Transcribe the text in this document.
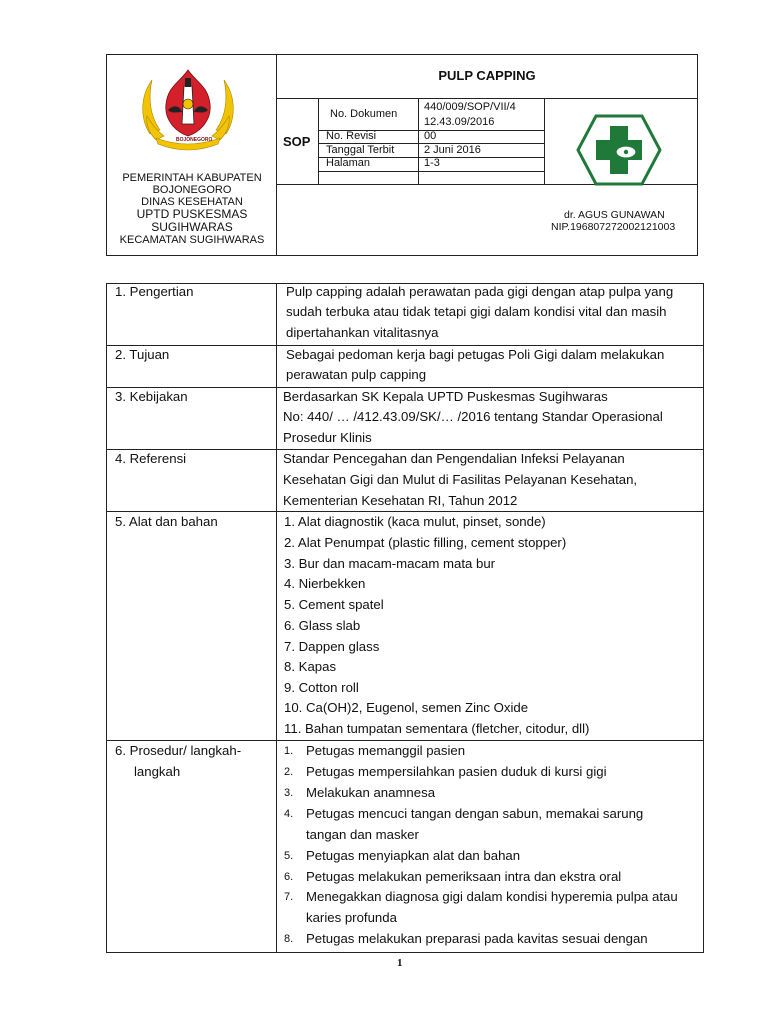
BOJONEGORO
PEMERINTAH KABUPATEN
BOJONEGORO
DINAS KESEHATAN
UPTD PUSKESMAS
SUGIHWARAS
KECAMATAN SUGIHWARAS
PULP CAPPING
SOP
No. Dokumen
440/009/SOP/VII/4
12.43.09/2016
No. Revisi	00
Tanggal Terbit	2 Juni 2016
Halaman	1-3
dr. AGUS GUNAWAN
NIP.196807272002121003
1. Pengertian	Pulp capping adalah perawatan pada gigi dengan atap pulpa yang
sudah terbuka atau tidak tetapi gigi dalam kondisi vital dan masih
dipertahankan vitalitasnya
2. Tujuan	Sebagai pedoman kerja bagi petugas Poli Gigi dalam melakukan
perawatan pulp capping
3. Kebijakan	Berdasarkan SK Kepala UPTD Puskesmas Sugihwaras
No: 440/ … /412.43.09/SK/… /2016 tentang Standar Operasional
Prosedur Klinis
4. Referensi	Standar Pencegahan dan Pengendalian Infeksi Pelayanan
Kesehatan Gigi dan Mulut di Fasilitas Pelayanan Kesehatan,
Kementerian Kesehatan RI, Tahun 2012
5. Alat dan bahan	1. Alat diagnostik (kaca mulut, pinset, sonde)
2. Alat Penumpat (plastic filling, cement stopper)
3. Bur dan macam-macam mata bur
4. Nierbekken
5. Cement spatel
6. Glass slab
7. Dappen glass
8. Kapas
9. Cotton roll
10. Ca(OH)2, Eugenol, semen Zinc Oxide
11. Bahan tumpatan sementara (fletcher, citodur, dll)
6. Prosedur/ langkah-
langkah
1. Petugas memanggil pasien
2. Petugas mempersilahkan pasien duduk di kursi gigi
3. Melakukan anamnesa
4. Petugas mencuci tangan dengan sabun, memakai sarung
tangan dan masker
5. Petugas menyiapkan alat dan bahan
6. Petugas melakukan pemeriksaan intra dan ekstra oral
7. Menegakkan diagnosa gigi dalam kondisi hyperemia pulpa atau
karies profunda
8. Petugas melakukan preparasi pada kavitas sesuai dengan
1
